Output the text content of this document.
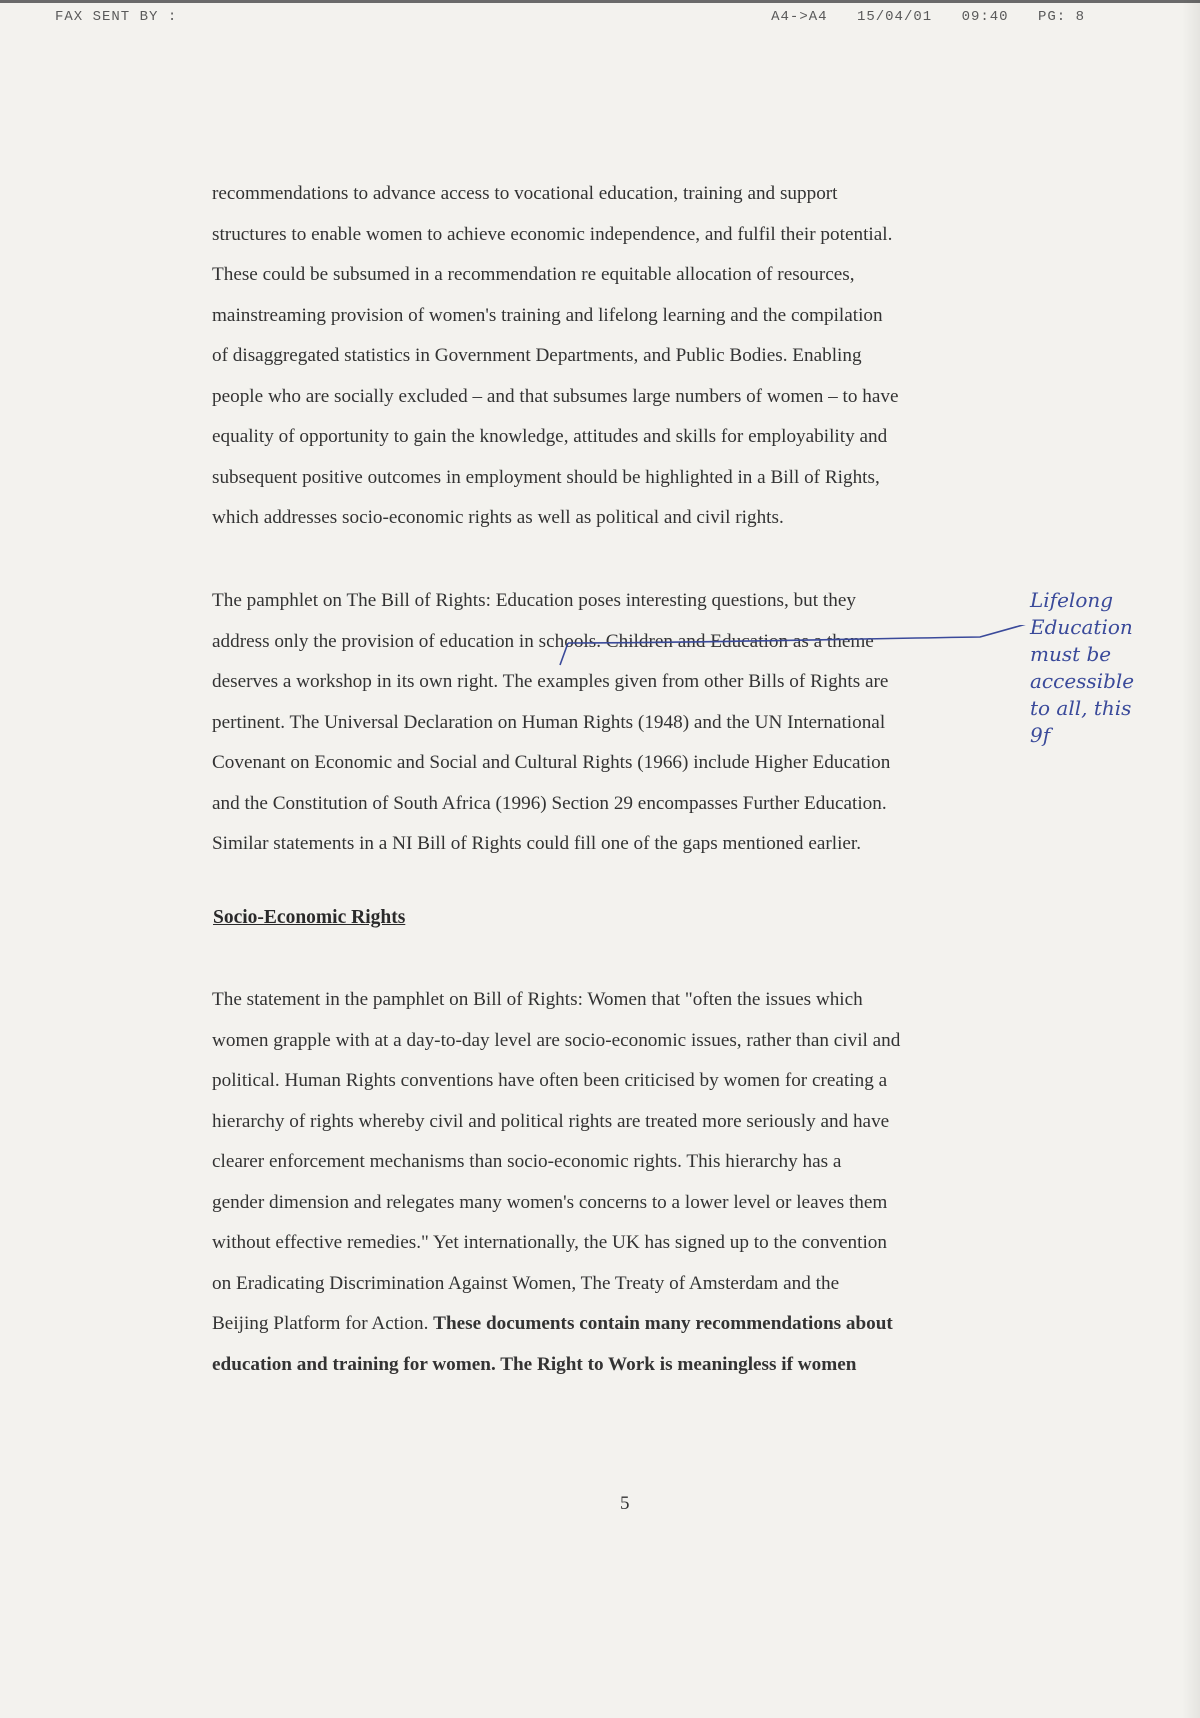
FAX SENT BY :	A4->A4 15/04/01 09:40 PG: 8
recommendations to advance access to vocational education, training and support
structures to enable women to achieve economic independence, and fulfil their potential.
These could be subsumed in a recommendation re equitable allocation of resources,
mainstreaming provision of women's training and lifelong learning and the compilation
of disaggregated statistics in Government Departments, and Public Bodies. Enabling
people who are socially excluded – and that subsumes large numbers of women – to have
equality of opportunity to gain the knowledge, attitudes and skills for employability and
subsequent positive outcomes in employment should be highlighted in a Bill of Rights,
which addresses socio-economic rights as well as political and civil rights.
The pamphlet on The Bill of Rights: Education poses interesting questions, but they
address only the provision of education in schools. Children and Education as a theme
deserves a workshop in its own right. The examples given from other Bills of Rights are
pertinent. The Universal Declaration on Human Rights (1948) and the UN International
Covenant on Economic and Social and Cultural Rights (1966) include Higher Education
and the Constitution of South Africa (1996) Section 29 encompasses Further Education.
Similar statements in a NI Bill of Rights could fill one of the gaps mentioned earlier.
Lifelong
Education
must be
accessible
to all, this
9f
Socio-Economic Rights
The statement in the pamphlet on Bill of Rights: Women that "often the issues which
women grapple with at a day-to-day level are socio-economic issues, rather than civil and
political. Human Rights conventions have often been criticised by women for creating a
hierarchy of rights whereby civil and political rights are treated more seriously and have
clearer enforcement mechanisms than socio-economic rights. This hierarchy has a
gender dimension and relegates many women's concerns to a lower level or leaves them
without effective remedies." Yet internationally, the UK has signed up to the convention
on Eradicating Discrimination Against Women, The Treaty of Amsterdam and the
Beijing Platform for Action. These documents contain many recommendations about
education and training for women. The Right to Work is meaningless if women
5
